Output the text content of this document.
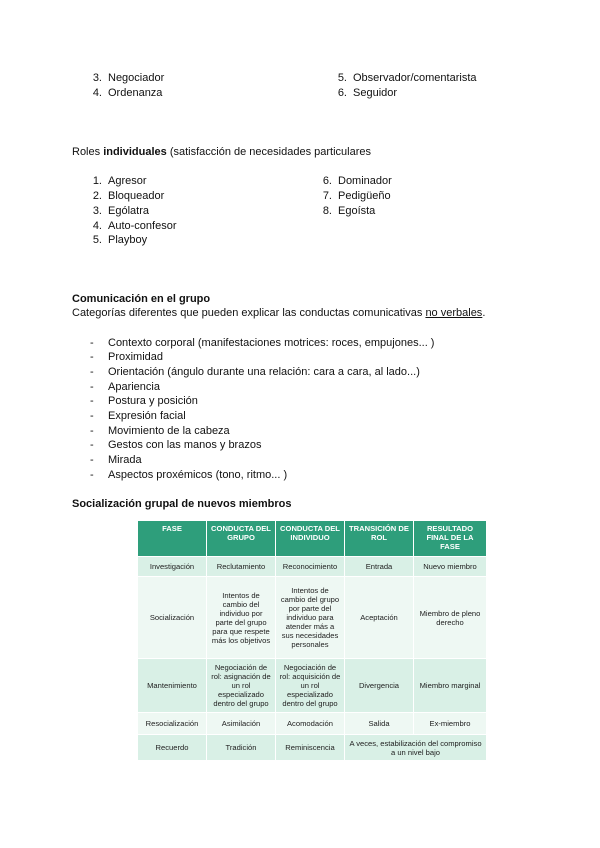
3. Negociador
4. Ordenanza
5. Observador/comentarista
6. Seguidor
Roles individuales (satisfacción de necesidades particulares
1. Agresor
2. Bloqueador
3. Ególatra
4. Auto-confesor
5. Playboy
6. Dominador
7. Pedigüeño
8. Egoísta
Comunicación en el grupo
Categorías diferentes que pueden explicar las conductas comunicativas no verbales.
- Contexto corporal (manifestaciones motrices: roces, empujones... )
- Proximidad
- Orientación (ángulo durante una relación: cara a cara, al lado...)
- Apariencia
- Postura y posición
- Expresión facial
- Movimiento de la cabeza
- Gestos con las manos y brazos
- Mirada
- Aspectos proxémicos (tono, ritmo... )
Socialización grupal de nuevos miembros
FASE	CONDUCTA DEL GRUPO	CONDUCTA DEL INDIVIDUO	TRANSICIÓN DE ROL	RESULTADO FINAL DE LA FASE
Investigación	Reclutamiento	Reconocimiento	Entrada	Nuevo miembro
Socialización	Intentos de cambio del individuo por parte del grupo para que respete más los objetivos	Intentos de cambio del grupo por parte del individuo para atender más a sus necesidades personales	Aceptación	Miembro de pleno derecho
Mantenimiento	Negociación de rol: asignación de un rol especializado dentro del grupo	Negociación de rol: acquisición de un rol especializado dentro del grupo	Divergencia	Miembro marginal
Resocialización	Asimilación	Acomodación	Salida	Ex-miembro
Recuerdo	Tradición	Reminiscencia	A veces, estabilización del compromiso a un nivel bajo	
